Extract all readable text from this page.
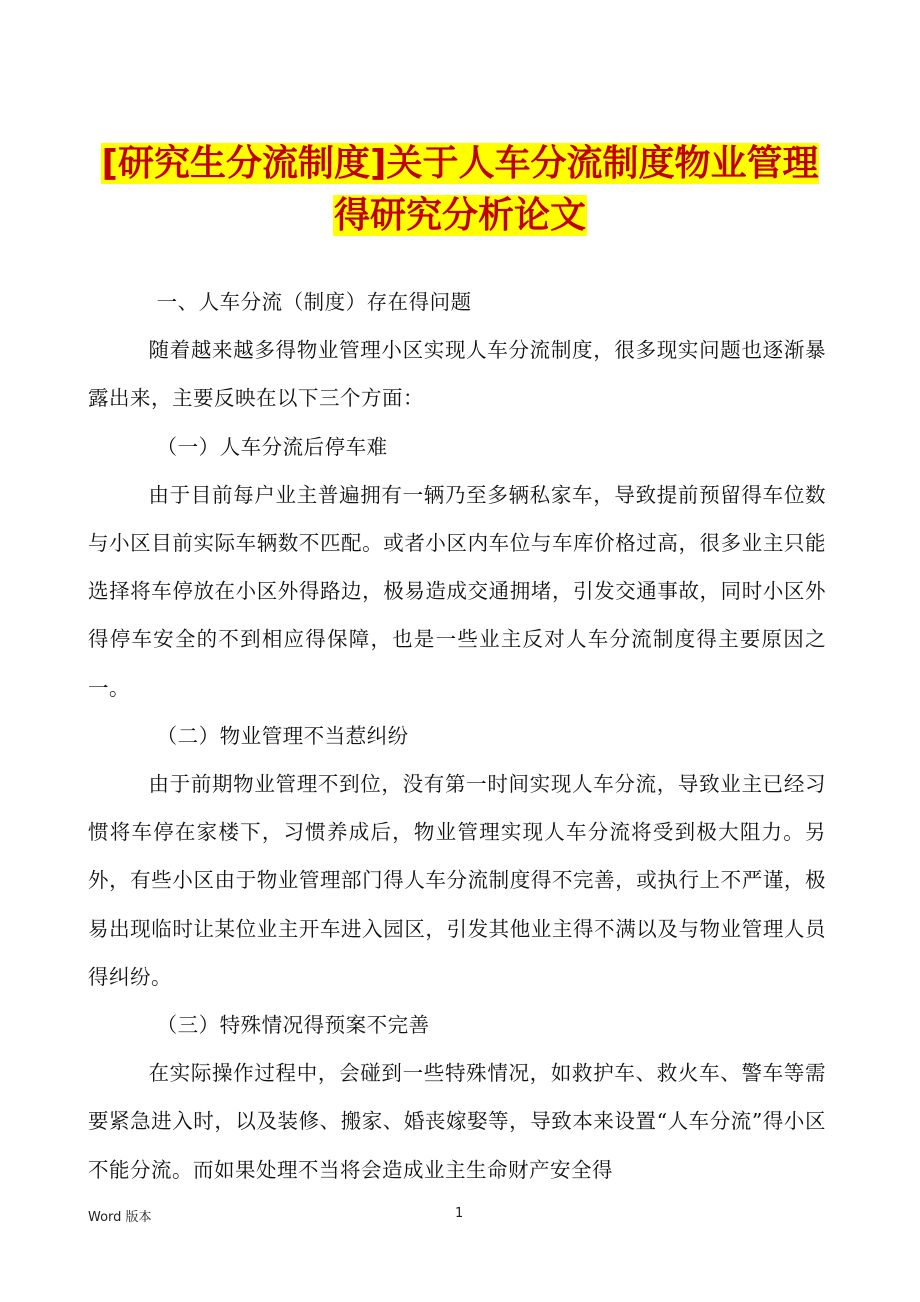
[研究生分流制度]关于人车分流制度物业管理
得研究分析论文

一、人车分流（制度）存在得问题

随着越来越多得物业管理小区实现人车分流制度，很多现实问题也逐渐暴露出来，主要反映在以下三个方面：

（一）人车分流后停车难

由于目前每户业主普遍拥有一辆乃至多辆私家车，导致提前预留得车位数与小区目前实际车辆数不匹配。或者小区内车位与车库价格过高，很多业主只能选择将车停放在小区外得路边，极易造成交通拥堵，引发交通事故，同时小区外得停车安全的不到相应得保障，也是一些业主反对人车分流制度得主要原因之一。

（二）物业管理不当惹纠纷

由于前期物业管理不到位，没有第一时间实现人车分流，导致业主已经习惯将车停在家楼下，习惯养成后，物业管理实现人车分流将受到极大阻力。另外，有些小区由于物业管理部门得人车分流制度得不完善，或执行上不严谨，极易出现临时让某位业主开车进入园区，引发其他业主得不满以及与物业管理人员得纠纷。

（三）特殊情况得预案不完善

在实际操作过程中，会碰到一些特殊情况，如救护车、救火车、警车等需要紧急进入时，以及装修、搬家、婚丧嫁娶等，导致本来设置“人车分流”得小区不能分流。而如果处理不当将会造成业主生命财产安全得

Word 版本	1
